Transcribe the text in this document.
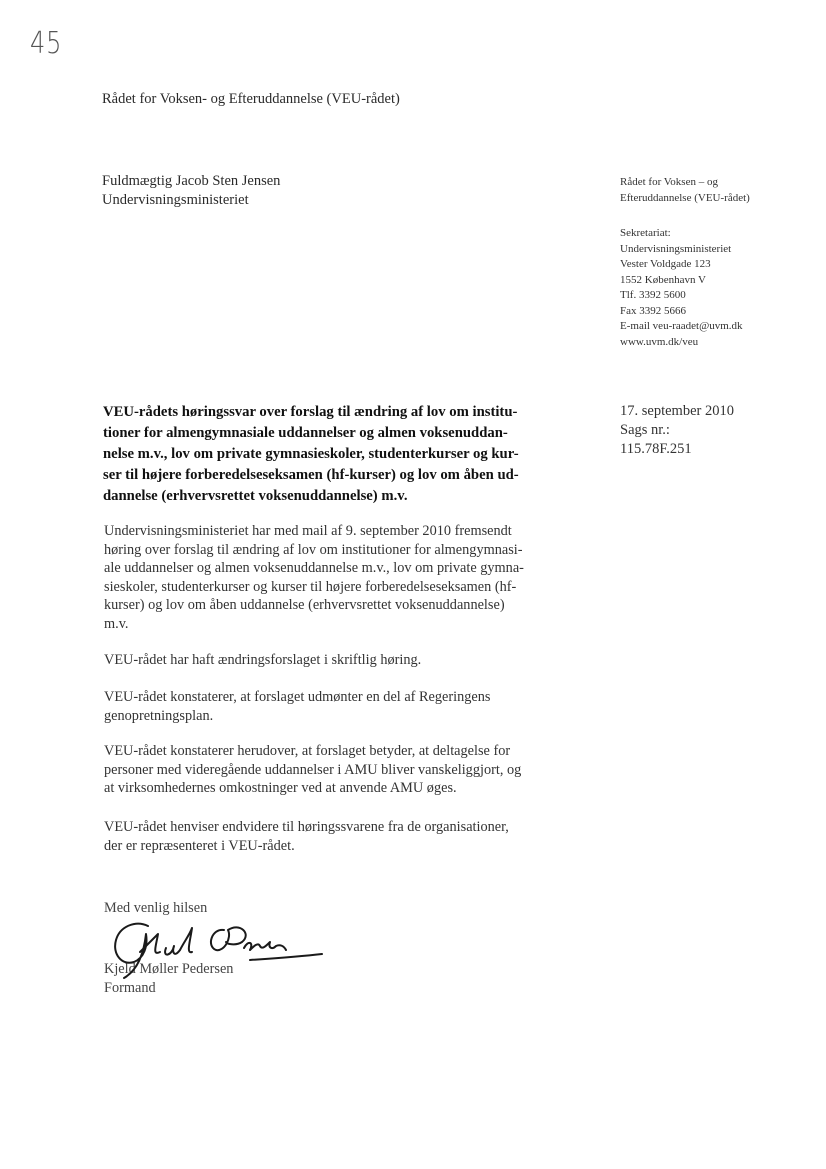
45
Rådet for Voksen- og Efteruddannelse (VEU-rådet)
Fuldmægtig Jacob Sten Jensen
Undervisningsministeriet
Rådet for Voksen – og
Efteruddannelse (VEU-rådet)
Sekretariat:
Undervisningsministeriet
Vester Voldgade 123
1552 København V
Tlf. 3392 5600
Fax 3392 5666
E-mail veu-raadet@uvm.dk
www.uvm.dk/veu
17. september 2010
Sags nr.:
115.78F.251
VEU-rådets høringssvar over forslag til ændring af lov om institu-
tioner for almengymnasiale uddannelser og almen voksenuddan-
nelse m.v., lov om private gymnasieskoler, studenterkurser og kur-
ser til højere forberedelseseksamen (hf-kurser) og lov om åben ud-
dannelse (erhvervsrettet voksenuddannelse) m.v.
Undervisningsministeriet har med mail af 9. september 2010 fremsendt
høring over forslag til ændring af lov om institutioner for almengymnasi-
ale uddannelser og almen voksenuddannelse m.v., lov om private gymna-
sieskoler, studenterkurser og kurser til højere forberedelseseksamen (hf-
kurser) og lov om åben uddannelse (erhvervsrettet voksenuddannelse)
m.v.
VEU-rådet har haft ændringsforslaget i skriftlig høring.
VEU-rådet konstaterer, at forslaget udmønter en del af Regeringens
genopretningsplan.
VEU-rådet konstaterer herudover, at forslaget betyder, at deltagelse for
personer med videregående uddannelser i AMU bliver vanskeliggjort, og
at virksomhedernes omkostninger ved at anvende AMU øges.
VEU-rådet henviser endvidere til høringssvarene fra de organisationer,
der er repræsenteret i VEU-rådet.
Med venlig hilsen
Kjeld Møller Pedersen
Formand
